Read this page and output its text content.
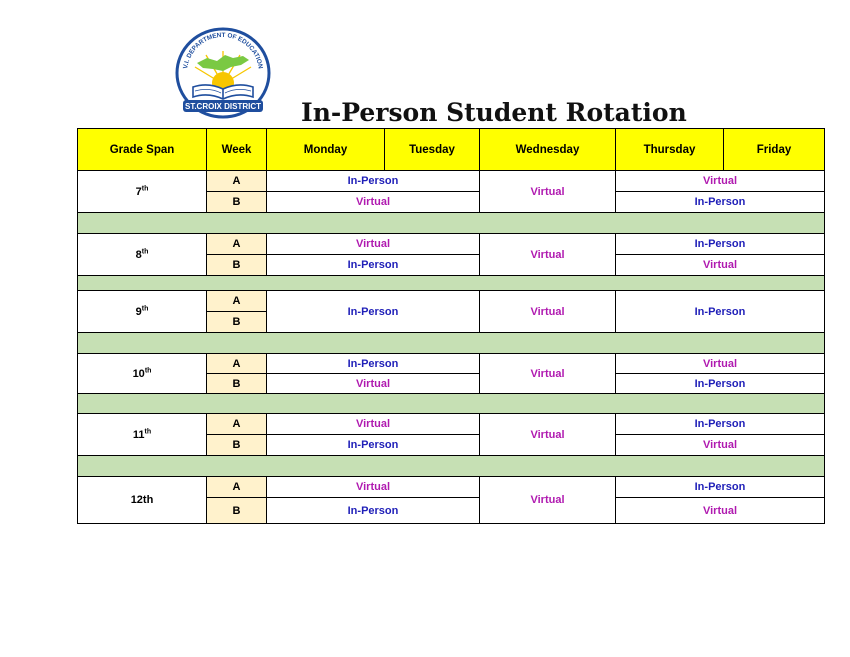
V.I. DEPARTMENT OF EDUCATION
ST.CROIX DISTRICT In-Person Student Rotation
Grade Span	Week	Monday	Tuesday	Wednesday	Thursday	Friday
7th	A	In-Person		Virtual	Virtual	
	B	Virtual			In-Person	

8th	A	Virtual		Virtual	In-Person	
	B	In-Person			Virtual	

9th	A	In-Person		Virtual	In-Person	
	B					

10th	A	In-Person		Virtual	Virtual	
	B	Virtual			In-Person	

11th	A	Virtual		Virtual	In-Person	
	B	In-Person			Virtual	

12th	A	Virtual		Virtual	In-Person	
	B	In-Person			Virtual	
